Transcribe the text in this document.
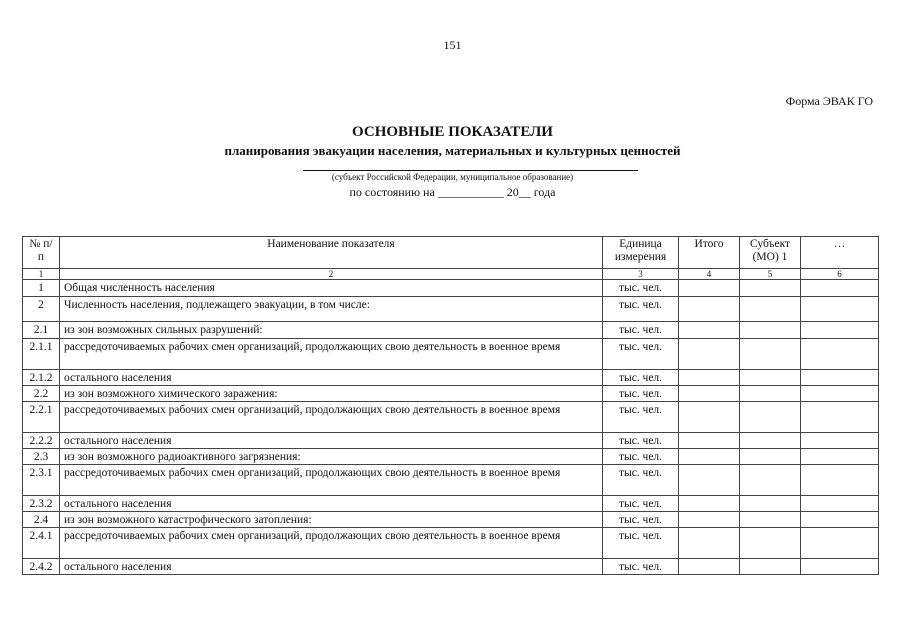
151
Форма ЭВАК ГО
ОСНОВНЫЕ ПОКАЗАТЕЛИ
планирования эвакуации населения, материальных и культурных ценностей
(субъект Российской Федерации, муниципальное образование)
по состоянию на ___________ 20__ года
№ п/п	Наименование показателя	Единица измерения	Итого	Субъект (МО) 1	…
1	2	3	4	5	6
1	Общая численность населения	тыс. чел.			
2	Численность населения, подлежащего эвакуации, в том числе:	тыс. чел.			
2.1	из зон возможных сильных разрушений:	тыс. чел.			
2.1.1	рассредоточиваемых рабочих смен организаций, продолжающих свою деятельность в военное время	тыс. чел.			
2.1.2	остального населения	тыс. чел.			
2.2	из зон возможного химического заражения:	тыс. чел.			
2.2.1	рассредоточиваемых рабочих смен организаций, продолжающих свою деятельность в военное время	тыс. чел.			
2.2.2	остального населения	тыс. чел.			
2.3	из зон возможного радиоактивного загрязнения:	тыс. чел.			
2.3.1	рассредоточиваемых рабочих смен организаций, продолжающих свою деятельность в военное время	тыс. чел.			
2.3.2	остального населения	тыс. чел.			
2.4	из зон возможного катастрофического затопления:	тыс. чел.			
2.4.1	рассредоточиваемых рабочих смен организаций, продолжающих свою деятельность в военное время	тыс. чел.			
2.4.2	остального населения	тыс. чел.			
